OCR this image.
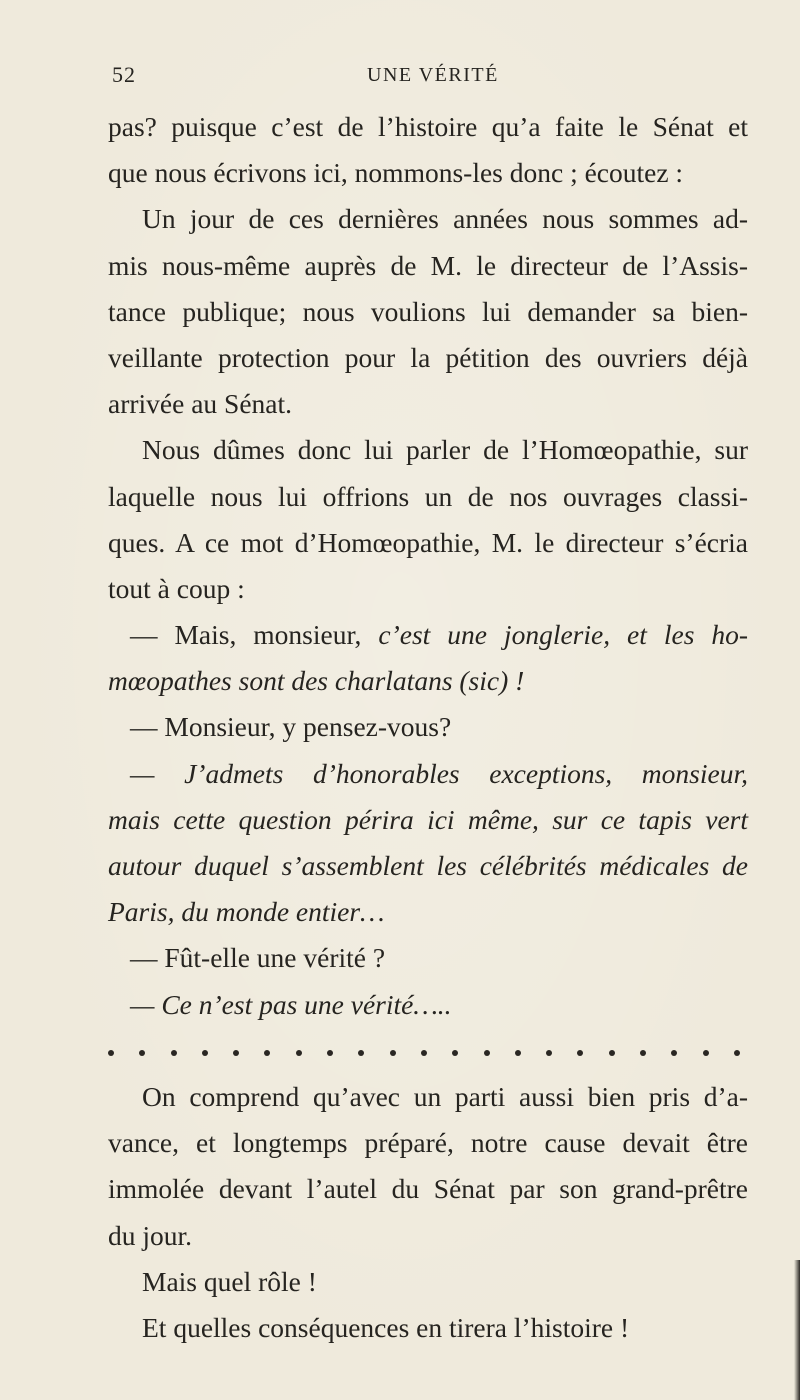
52	UNE VÉRITÉ
pas? puisque c’est de l’histoire qu’a faite le Sénat et
que nous écrivons ici, nommons-les donc ; écoutez :
Un jour de ces dernières années nous sommes ad-
mis nous-même auprès de M. le directeur de l’Assis-
tance publique; nous voulions lui demander sa bien-
veillante protection pour la pétition des ouvriers déjà
arrivée au Sénat.
Nous dûmes donc lui parler de l’Homœopathie, sur
laquelle nous lui offrions un de nos ouvrages classi-
ques. A ce mot d’Homœopathie, M. le directeur s’écria
tout à coup :
— Mais, monsieur, c’est une jonglerie, et les ho-
mœopathes sont des charlatans (sic) !
— Monsieur, y pensez-vous?
— J’admets d’honorables exceptions, monsieur,
mais cette question périra ici même, sur ce tapis vert
autour duquel s’assemblent les célébrités médicales de
Paris, du monde entier…
— Fût-elle une vérité ?
— Ce n’est pas une vérité…..
On comprend qu’avec un parti aussi bien pris d’a-
vance, et longtemps préparé, notre cause devait être
immolée devant l’autel du Sénat par son grand-prêtre
du jour.
Mais quel rôle !
Et quelles conséquences en tirera l’histoire !
